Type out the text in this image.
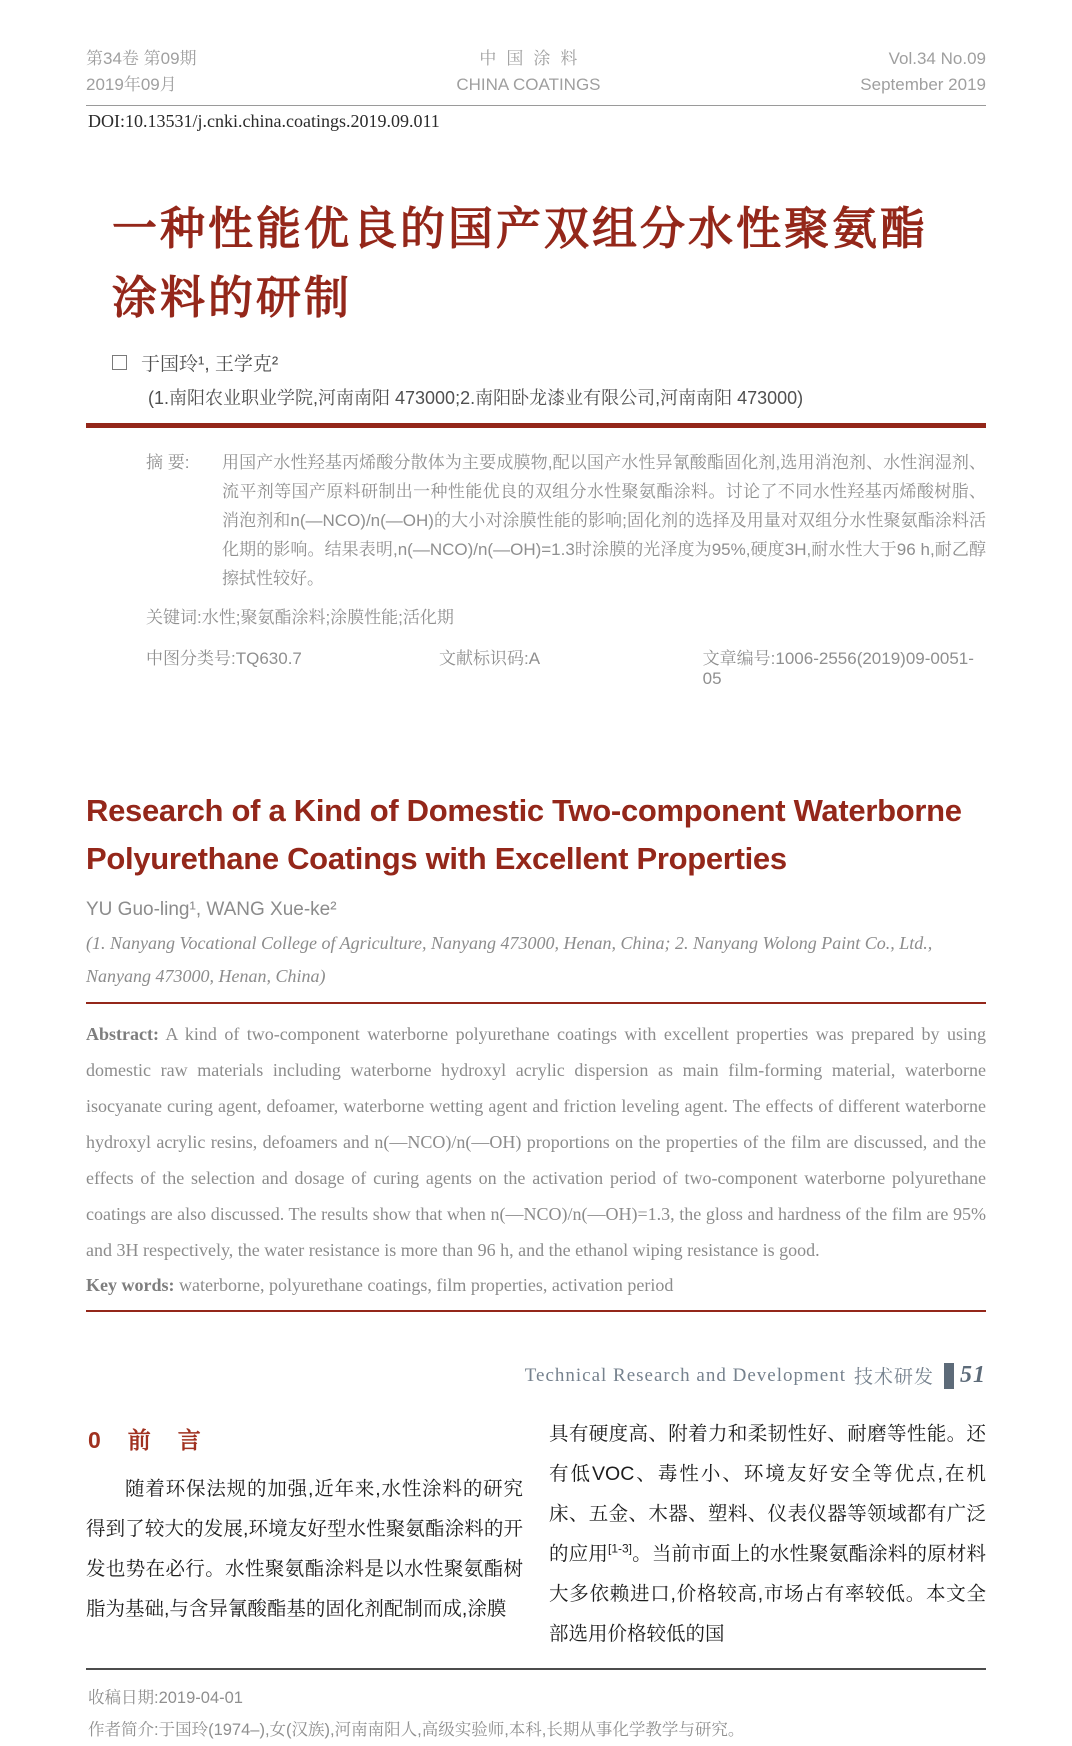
第34卷 第09期
2019年09月
中国涂料
CHINA COATINGS
Vol.34 No.09
September 2019
DOI:10.13531/j.cnki.china.coatings.2019.09.011
一种性能优良的国产双组分水性聚氨酯
涂料的研制
于国玲¹, 王学克²
(1.南阳农业职业学院,河南南阳 473000;2.南阳卧龙漆业有限公司,河南南阳 473000)
摘 要:	用国产水性羟基丙烯酸分散体为主要成膜物,配以国产水性异氰酸酯固化剂,选用消泡剂、水性润湿剂、流平剂等国产原料研制出一种性能优良的双组分水性聚氨酯涂料。讨论了不同水性羟基丙烯酸树脂、消泡剂和n(—NCO)/n(—OH)的大小对涂膜性能的影响;固化剂的选择及用量对双组分水性聚氨酯涂料活化期的影响。结果表明,n(—NCO)/n(—OH)=1.3时涂膜的光泽度为95%,硬度3H,耐水性大于96 h,耐乙醇擦拭性较好。
关键词:水性;聚氨酯涂料;涂膜性能;活化期
中图分类号:TQ630.7	文献标识码:A	文章编号:1006-2556(2019)09-0051-05
Research of a Kind of Domestic Two-component Waterborne
Polyurethane Coatings with Excellent Properties
YU Guo-ling¹, WANG Xue-ke²
(1. Nanyang Vocational College of Agriculture, Nanyang 473000, Henan, China; 2. Nanyang Wolong Paint Co., Ltd., Nanyang 473000, Henan, China)
Abstract: A kind of two-component waterborne polyurethane coatings with excellent properties was prepared by using domestic raw materials including waterborne hydroxyl acrylic dispersion as main film-forming material, waterborne isocyanate curing agent, defoamer, waterborne wetting agent and friction leveling agent. The effects of different waterborne hydroxyl acrylic resins, defoamers and n(—NCO)/n(—OH) proportions on the properties of the film are discussed, and the effects of the selection and dosage of curing agents on the activation period of two-component waterborne polyurethane coatings are also discussed. The results show that when n(—NCO)/n(—OH)=1.3, the gloss and hardness of the film are 95% and 3H respectively, the water resistance is more than 96 h, and the ethanol wiping resistance is good.
Key words: waterborne, polyurethane coatings, film properties, activation period
0　前　言

随着环保法规的加强,近年来,水性涂料的研究得到了较大的发展,环境友好型水性聚氨酯涂料的开发也势在必行。水性聚氨酯涂料是以水性聚氨酯树脂为基础,与含异氰酸酯基的固化剂配制而成,涂膜

具有硬度高、附着力和柔韧性好、耐磨等性能。还有低VOC、毒性小、环境友好安全等优点,在机床、五金、木器、塑料、仪表仪器等领域都有广泛的应用[1-3]。当前市面上的水性聚氨酯涂料的原材料大多依赖进口,价格较高,市场占有率较低。本文全部选用价格较低的国

收稿日期:2019-04-01
作者简介:于国玲(1974–),女(汉族),河南南阳人,高级实验师,本科,长期从事化学教学与研究。
Technical Research and Development 技术研发 51
